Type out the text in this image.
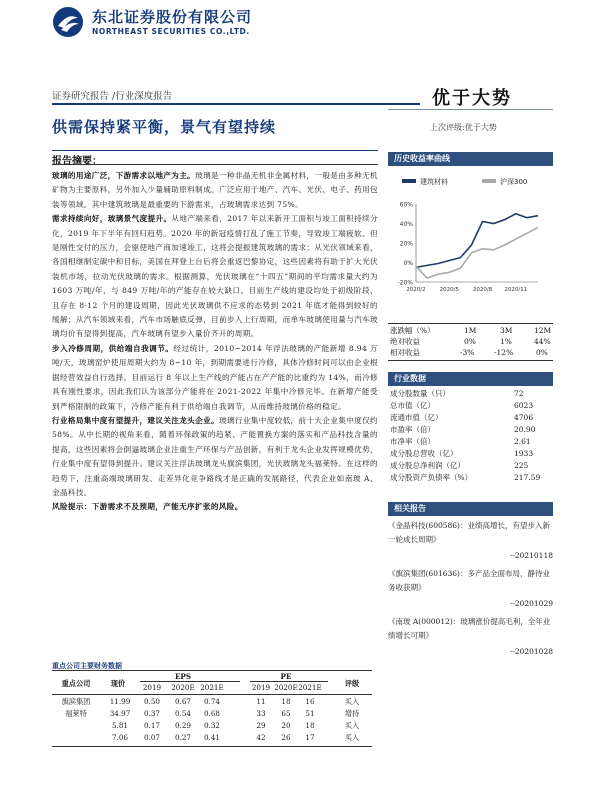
东北证券股份有限公司
NORTHEAST SECURITIES CO.,LTD.
证券研究报告 /行业深度报告	优于大势
上次评级:优于大势
供需保持紧平衡，景气有望持续
报告摘要：

玻璃的用途广泛，下游需求以地产为主。玻璃是一种非晶无机非金属材料，一般是由多种无机矿物为主要原料，另外加入少量辅助原料制成。广泛应用于地产、汽车、光伏、电子、药用包装等领域。其中建筑玻璃是最重要的下游需求，占玻璃需求达到 75%。

需求持续向好，玻璃景气度提升。从地产端来看，2017 年以来新开工面积与竣工面积持续分化，2019 年下半年有回归趋势。2020 年的新冠疫情打乱了施工节奏，导致竣工端疲软。但是刚性交付的压力，会驱使地产商加速竣工，这将会提振建筑玻璃的需求；从光伏领域来看，各国相继制定碳中和目标，美国在拜登上台后将会重返巴黎协定，这些因素将有助于扩大光伏装机市场，拉动光伏玻璃的需求。根据测算，光伏玻璃在“十四五”期间的平均需求量大约为 1603 万吨/年，与 849 万吨/年的产能存在较大缺口。目前生产线的建设均处于初级阶段，且存在 8-12 个月的建设周期，因此光伏玻璃供不应求的态势到 2021 年底才能得到较好的缓解；从汽车领域来看，汽车市场触底反弹，目前步入上行周期，而单车玻璃使用量与汽车玻璃均价有望得到提高，汽车玻璃有望步入量价齐升的周期。

步入冷修周期，供给端自我调节。经过统计，2010~2014 年浮法玻璃的产能新增 8.94 万吨/天，玻璃窑炉使用周期大约为 8~10 年，到期需要进行冷修，具体冷修时间可以由企业根据经营效益自行选择。目前运行 8 年以上生产线的产能占在产产能的比重约为 14%，而冷修具有刚性要求，因此我们认为该部分产能将在 2021-2022 年集中冷修完毕。在新增产能受到严格限制的政策下，冷修产能有利于供给端自我调节，从而维持玻璃价格的稳定。

行业格局集中度有望提升，建议关注龙头企业。玻璃行业集中度较低，前十大企业集中度仅约 58%。从中长期的视角来看，随着环保政策的趋紧、产能置换方案的落实和产品科技含量的提高，这些因素将会倒逼玻璃企业注重生产环保与产品创新，有利于龙头企业发挥规模优势，行业集中度有望得到提升。建议关注浮法玻璃龙头旗滨集团，光伏玻璃龙头福莱特。在这样的趋势下，注重高端玻璃研发、走差异化竞争路线才是正确的发展路径，代表企业如南玻 A、金晶科技。

风险提示：下游需求不及预期，产能无序扩张的风险。

历史收益率曲线
建筑材料	沪深300
-20%
0%
20%
40%
60%
2020/2	2020/5	2020/8 2020/11
涨跌幅（%）	1M	3M	12M
绝对收益	0%	1%	44%
相对收益	-3%	-12%	0%
行业数据
成分股数量（只）	72
总市值（亿）	6023
流通市值（亿）	4706
市盈率（倍）	20.90
市净率（倍）	2.61
成分股总营收（亿）	1933
成分股总净利润（亿）	225
成分股资产负债率（%）	217.59
相关报告
《金晶科技(600586)：业绩高增长，有望步入新一轮成长周期》
--20210118
《旗滨集团(601636)：多产品全面布局，静待业务收获期》
--20201029
《南玻 A(000012)：玻璃涨价提高毛利，全年业绩增长可期》
--20201028
重点公司主要财务数据
重点公司	现价
EPS	PE
评级
2019	2020E 2021E	2019 2020E 2021E
旗滨集团	11.99	0.50	0.67	0.74	11	18	16	买入
福莱特	34.97	0.37	0.54	0.68	33	65	51	增持
5.81	0.17	0.29	0.32	29	20	18	买入
7.06	0.07	0.27	0.41	42	26	17	买入
